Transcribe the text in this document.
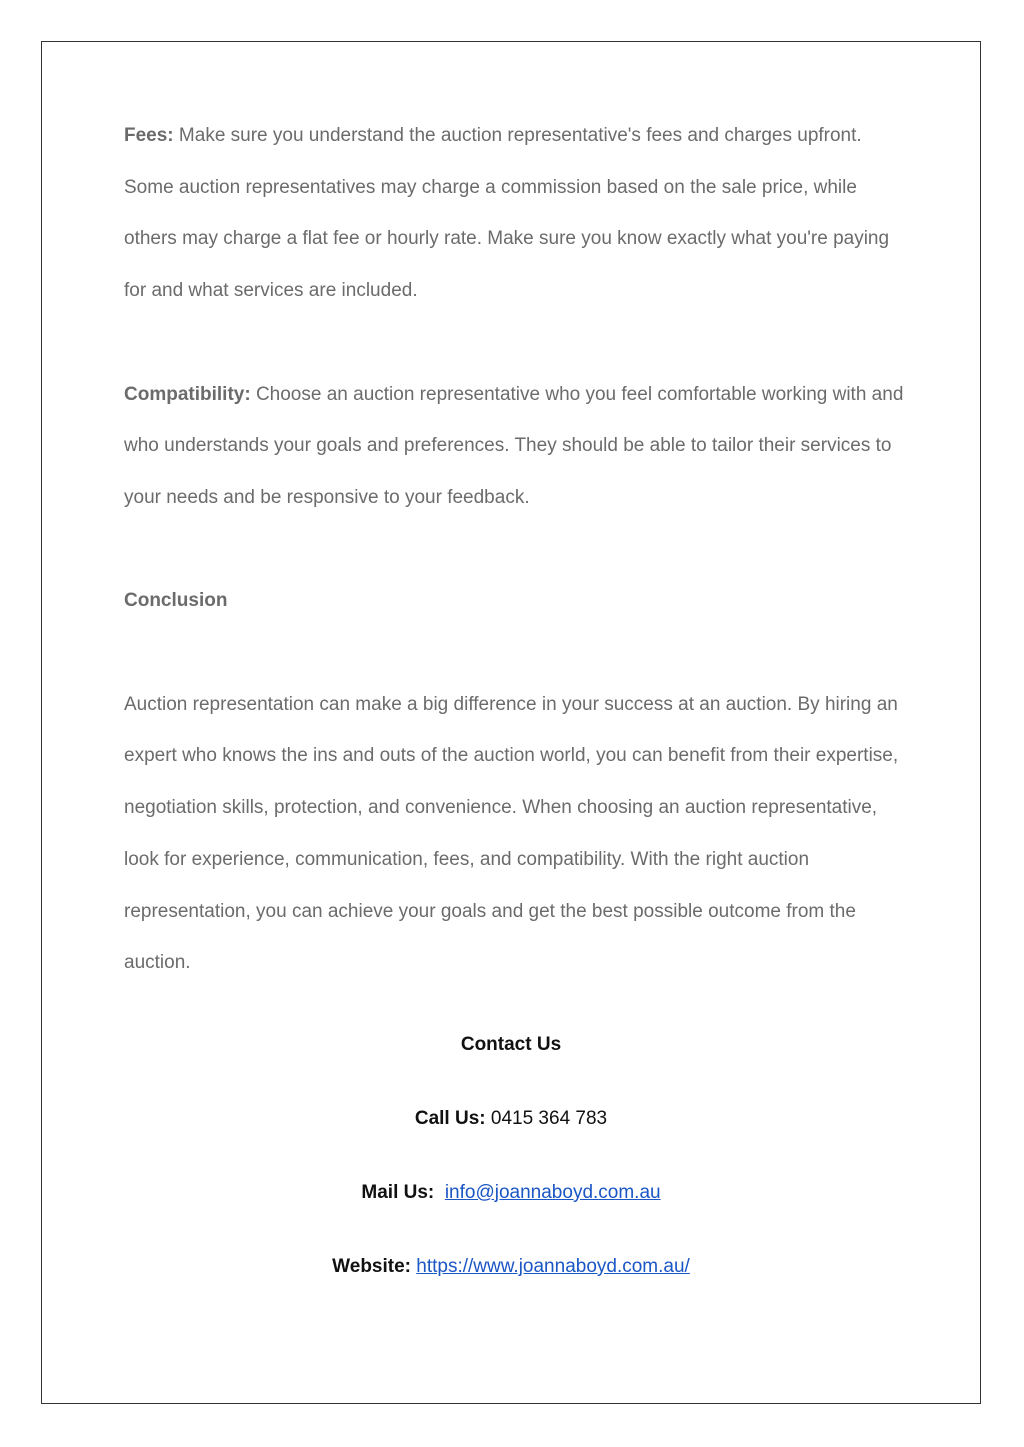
Fees: Make sure you understand the auction representative's fees and charges upfront. Some auction representatives may charge a commission based on the sale price, while others may charge a flat fee or hourly rate. Make sure you know exactly what you're paying for and what services are included.

Compatibility: Choose an auction representative who you feel comfortable working with and who understands your goals and preferences. They should be able to tailor their services to your needs and be responsive to your feedback.

Conclusion

Auction representation can make a big difference in your success at an auction. By hiring an expert who knows the ins and outs of the auction world, you can benefit from their expertise, negotiation skills, protection, and convenience. When choosing an auction representative, look for experience, communication, fees, and compatibility. With the right auction representation, you can achieve your goals and get the best possible outcome from the auction.

Contact Us
Call Us: 0415 364 783
Mail Us: info@joannaboyd.com.au
Website: https://www.joannaboyd.com.au/
